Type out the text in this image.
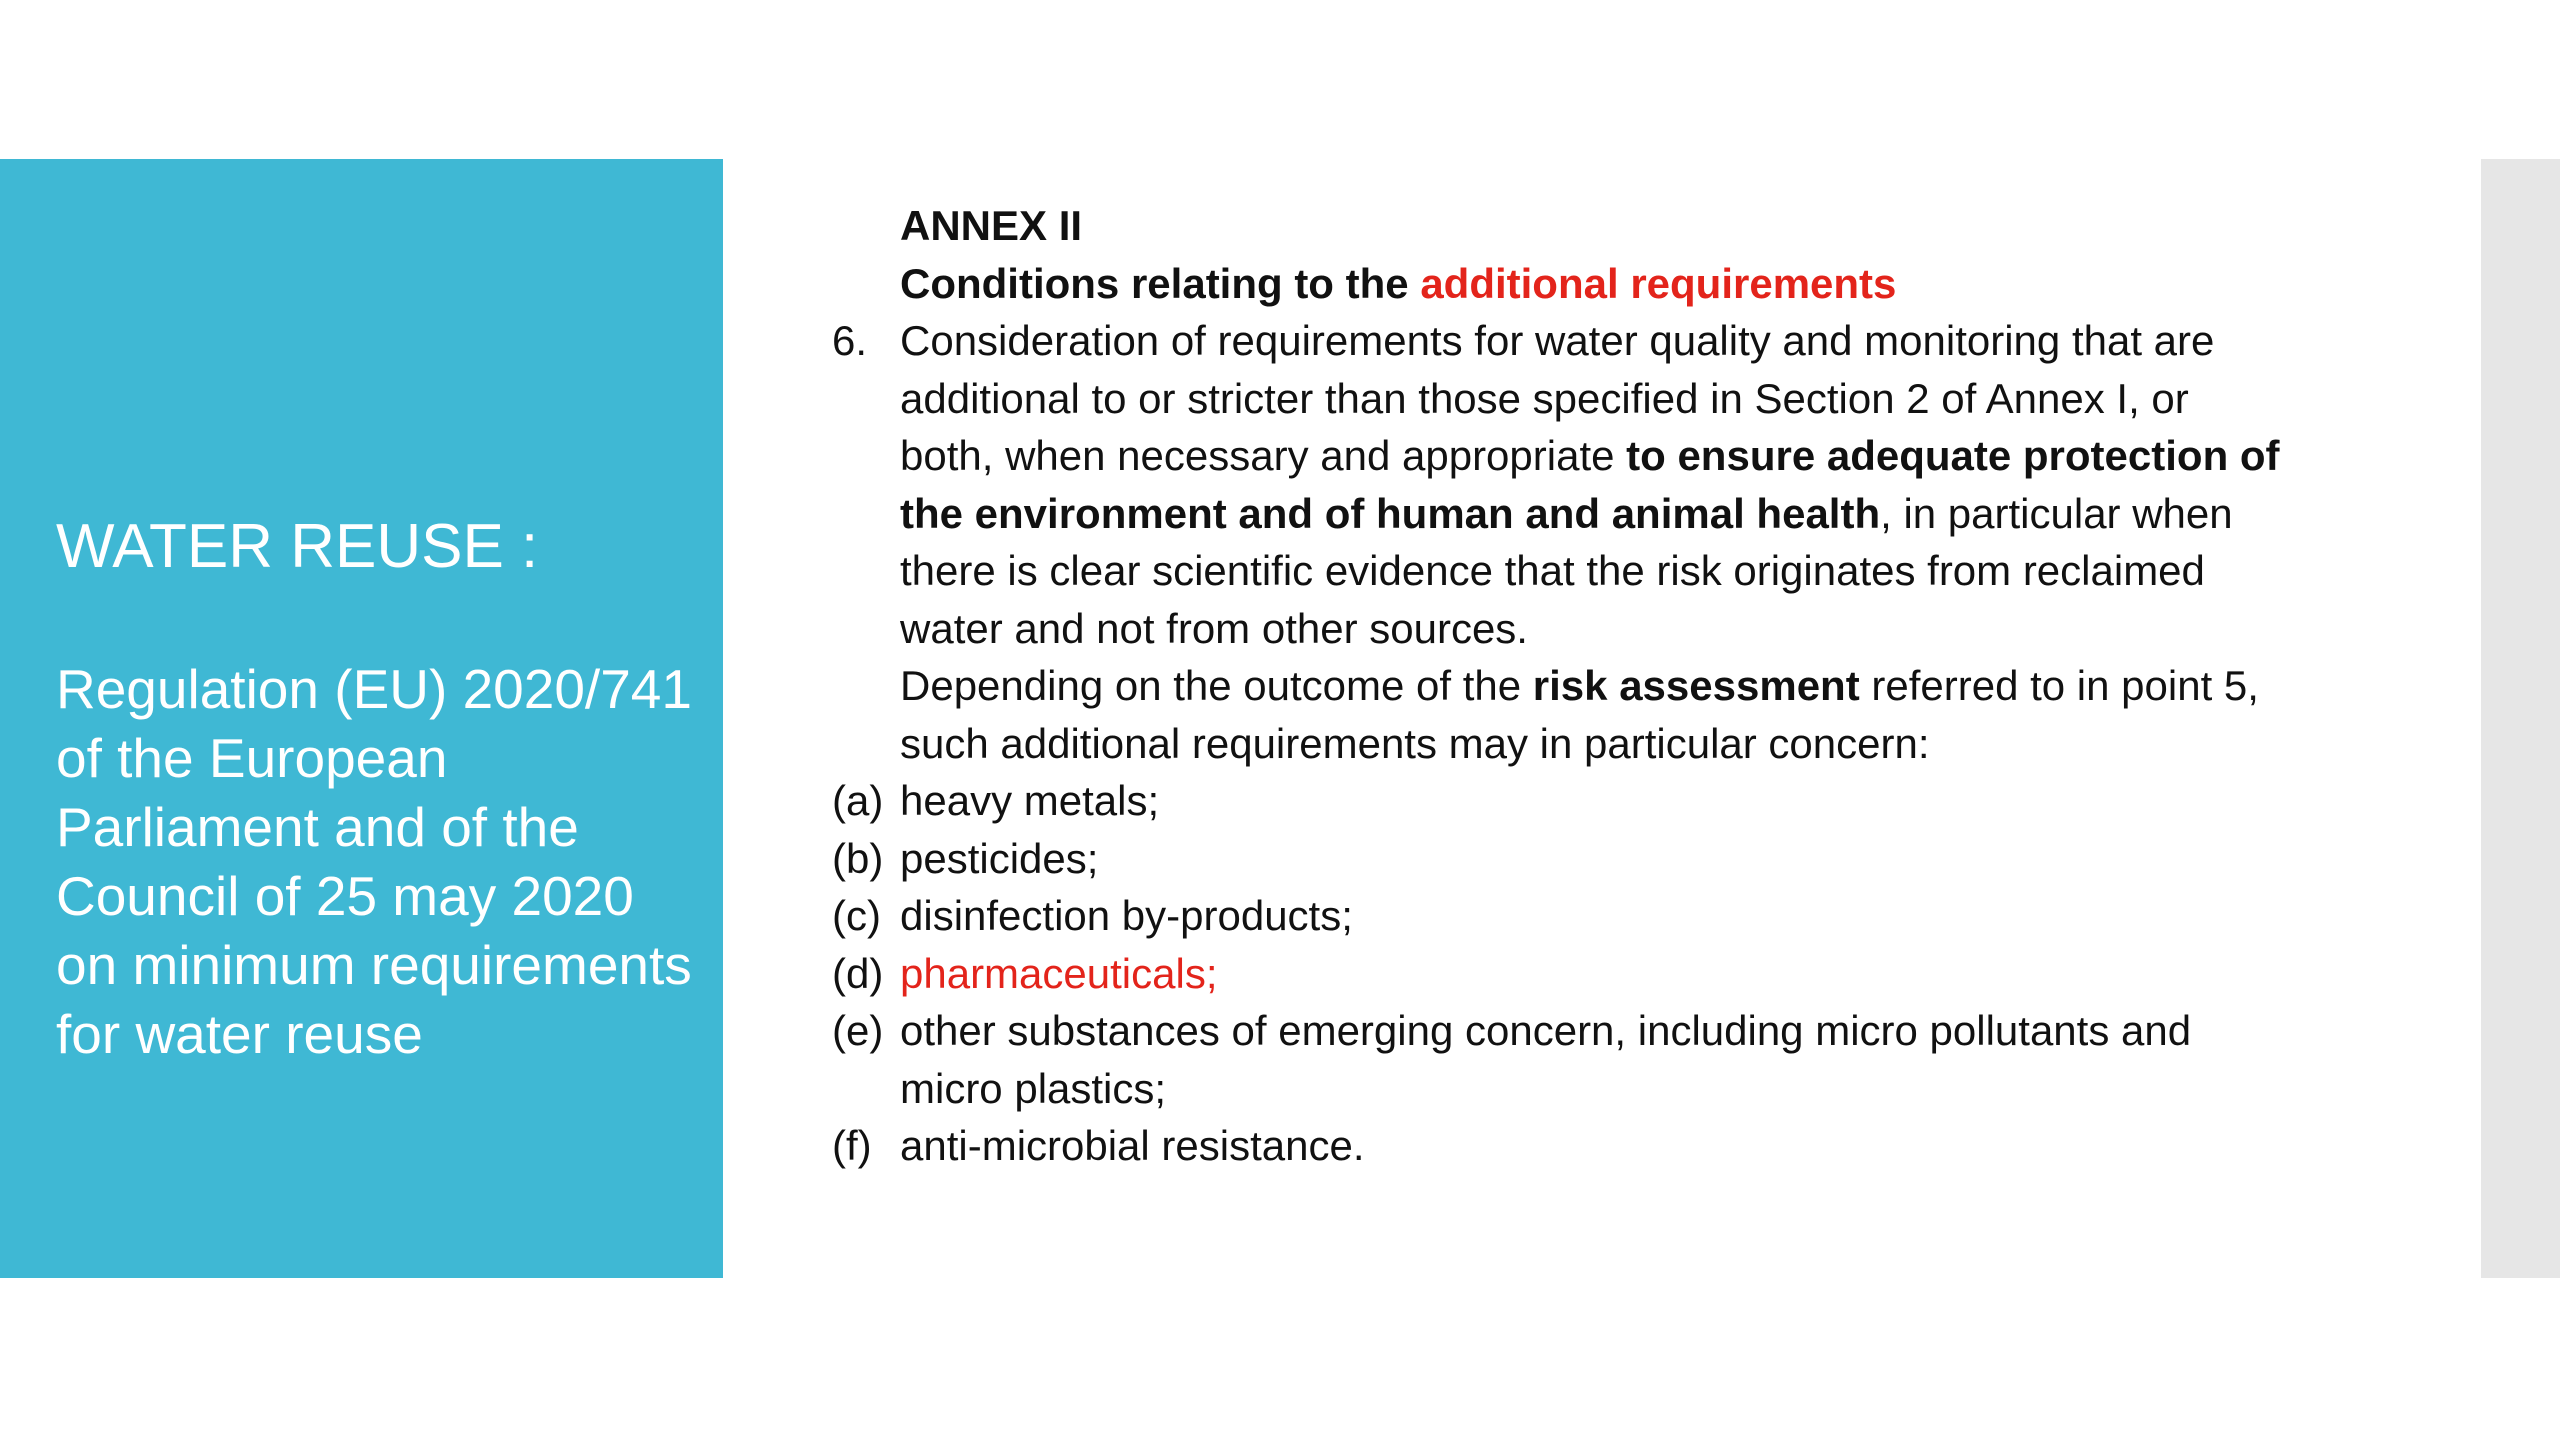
WATER REUSE :
Regulation (EU) 2020/741 of the European Parliament and of the Council of 25 may 2020 on minimum requirements for water reuse
ANNEX II
Conditions relating to the additional requirements
6. Consideration of requirements for water quality and monitoring that are
additional to or stricter than those specified in Section 2 of Annex I, or
both, when necessary and appropriate to ensure adequate protection of
the environment and of human and animal health, in particular when
there is clear scientific evidence that the risk originates from reclaimed
water and not from other sources.
Depending on the outcome of the risk assessment referred to in point 5,
such additional requirements may in particular concern:
(a) heavy metals;
(b) pesticides;
(c) disinfection by-products;
(d) pharmaceuticals;
(e) other substances of emerging concern, including micro pollutants and
micro plastics;
(f) anti-microbial resistance.
